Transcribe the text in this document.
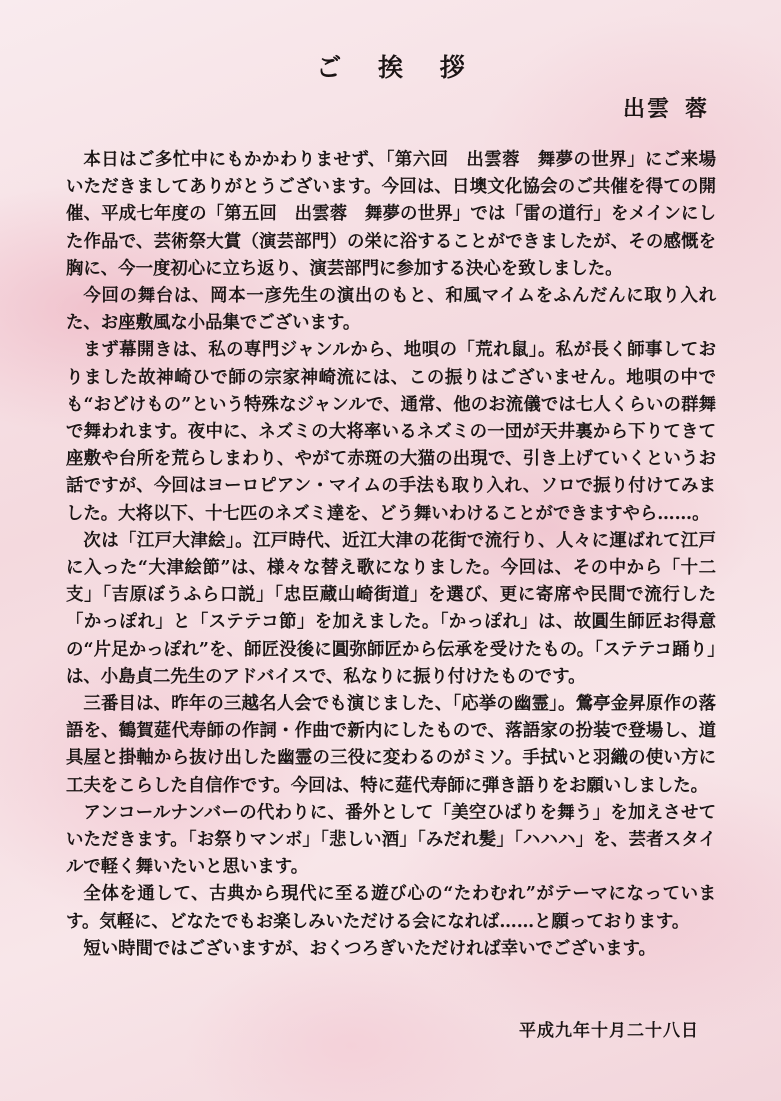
ご 挨 拶
出雲 蓉

本日はご多忙中にもかかわりませず、「第六回　出雲蓉　舞夢の世界」にご来場いただきましてありがとうございます。今回は、日墺文化協会のご共催を得ての開催、平成七年度の「第五回　出雲蓉　舞夢の世界」では「雷の道行」をメインにした作品で、芸術祭大賞（演芸部門）の栄に浴することができましたが、その感慨を胸に、今一度初心に立ち返り、演芸部門に参加する決心を致しました。

今回の舞台は、岡本一彦先生の演出のもと、和風マイムをふんだんに取り入れた、お座敷風な小品集でございます。

まず幕開きは、私の専門ジャンルから、地唄の「荒れ鼠」。私が長く師事しておりました故神崎ひで師の宗家神崎流には、この振りはございません。地唄の中でも“おどけもの”という特殊なジャンルで、通常、他のお流儀では七人くらいの群舞で舞われます。夜中に、ネズミの大将率いるネズミの一団が天井裏から下りてきて座敷や台所を荒らしまわり、やがて赤斑の大猫の出現で、引き上げていくというお話ですが、今回はヨーロピアン・マイムの手法も取り入れ、ソロで振り付けてみました。大将以下、十七匹のネズミ達を、どう舞いわけることができますやら……。

次は「江戸大津絵」。江戸時代、近江大津の花街で流行り、人々に運ばれて江戸に入った“大津絵節”は、様々な替え歌になりました。今回は、その中から「十二支」「吉原ぼうふら口説」「忠臣蔵山崎街道」を選び、更に寄席や民間で流行した「かっぽれ」と「ステテコ節」を加えました。「かっぽれ」は、故圓生師匠お得意の“片足かっぽれ”を、師匠没後に圓弥師匠から伝承を受けたもの。「ステテコ踊り」は、小島貞二先生のアドバイスで、私なりに振り付けたものです。

三番目は、昨年の三越名人会でも演じました、「応挙の幽霊」。鶯亭金昇原作の落語を、鶴賀莚代寿師の作詞・作曲で新内にしたもので、落語家の扮装で登場し、道具屋と掛軸から抜け出した幽霊の三役に変わるのがミソ。手拭いと羽織の使い方に工夫をこらした自信作です。今回は、特に莚代寿師に弾き語りをお願いしました。

アンコールナンバーの代わりに、番外として「美空ひばりを舞う」を加えさせていただきます。「お祭りマンボ」「悲しい酒」「みだれ髪」「ハハハ」を、芸者スタイルで軽く舞いたいと思います。

全体を通して、古典から現代に至る遊び心の“たわむれ”がテーマになっています。気軽に、どなたでもお楽しみいただける会になれば……と願っております。

短い時間ではございますが、おくつろぎいただければ幸いでございます。

平成九年十月二十八日
